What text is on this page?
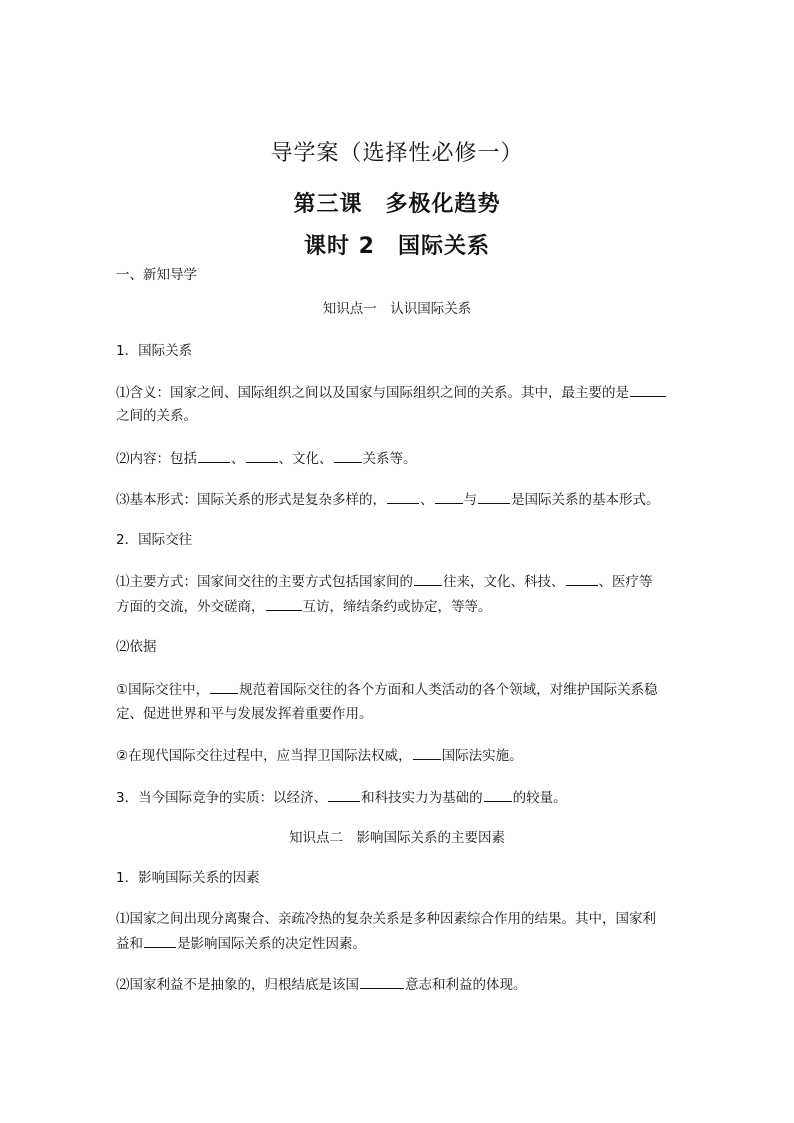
导学案（选择性必修一）
第三课　多极化趋势
课时 2　国际关系
一、新知导学
知识点一　认识国际关系
1．国际关系
⑴含义：国家之间、国际组织之间以及国家与国际组织之间的关系。其中，最主要的是
之间的关系。
⑵内容：包括	、	、文化、 关系等。
⑶基本形式：国际关系的形式是复杂多样的，	、 与	是国际关系的基本形式。
2．国际交往
⑴主要方式：国家间交往的主要方式包括国家间的 往来，文化、科技、	、医疗等
方面的交流，外交磋商，	互访，缔结条约或协定，等等。
⑵依据
①国际交往中， 规范着国际交往的各个方面和人类活动的各个领域，对维护国际关系稳
定、促进世界和平与发展发挥着重要作用。
②在现代国际交往过程中，应当捍卫国际法权威， 国际法实施。
3．当今国际竞争的实质：以经济、	和科技实力为基础的 的较量。
知识点二　影响国际关系的主要因素
1．影响国际关系的因素
⑴国家之间出现分离聚合、亲疏冷热的复杂关系是多种因素综合作用的结果。其中，国家利
益和	是影响国际关系的决定性因素。
⑵国家利益不是抽象的，归根结底是该国	意志和利益的体现。
